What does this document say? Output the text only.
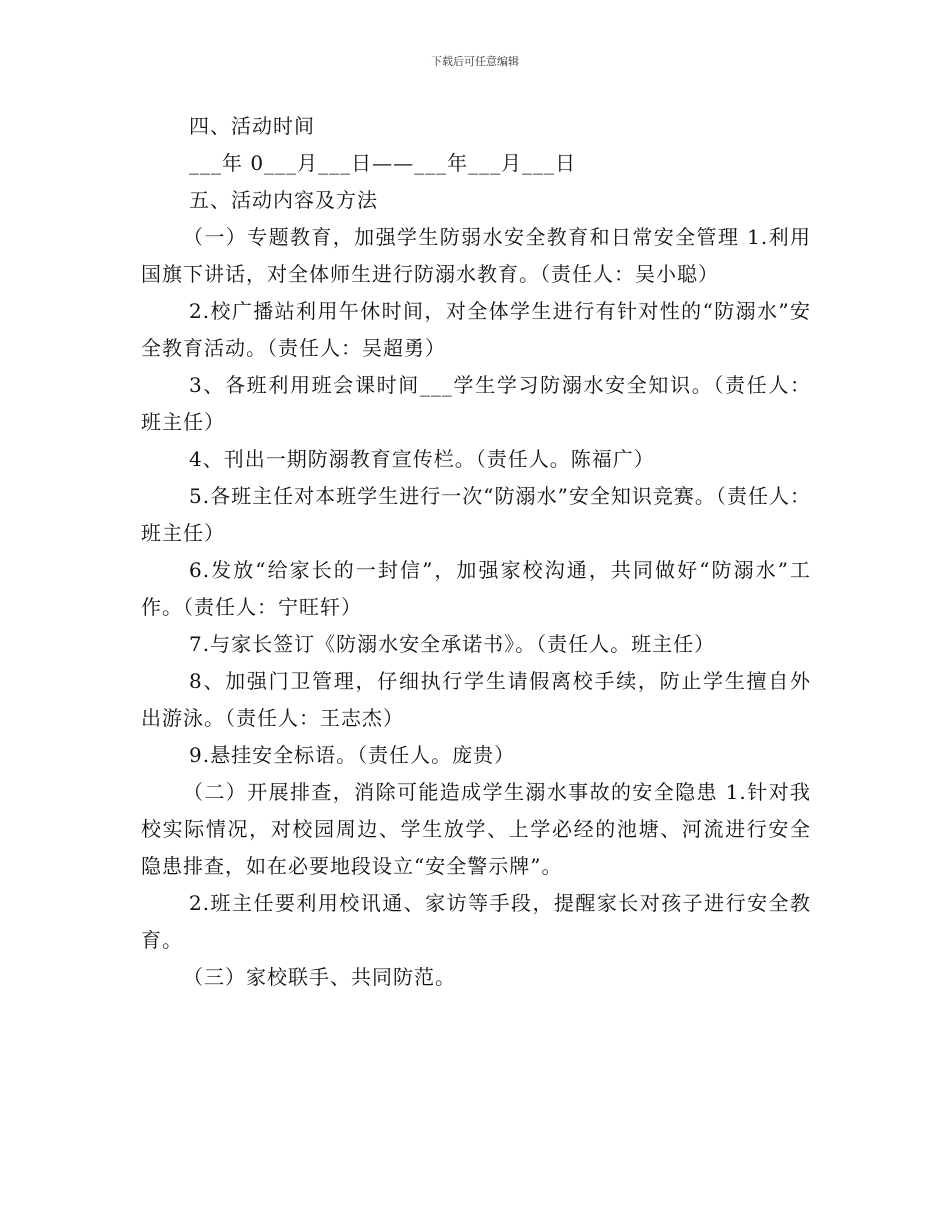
下载后可任意编辑

四、活动时间

___年 0___月___日——___年___月___日

五、活动内容及方法

（一）专题教育，加强学生防弱水安全教育和日常安全管理 1.利用国旗下讲话，对全体师生进行防溺水教育。（责任人：吴小聪）

2.校广播站利用午休时间，对全体学生进行有针对性的“防溺水”安全教育活动。（责任人：吴超勇）

3、各班利用班会课时间___学生学习防溺水安全知识。（责任人：班主任）

4、刊出一期防溺教育宣传栏。（责任人。陈福广）

5.各班主任对本班学生进行一次“防溺水”安全知识竞赛。（责任人：班主任）

6.发放“给家长的一封信”，加强家校沟通，共同做好“防溺水”工作。（责任人：宁旺轩）

7.与家长签订《防溺水安全承诺书》。（责任人。班主任）

8、加强门卫管理，仔细执行学生请假离校手续，防止学生擅自外出游泳。（责任人：王志杰）

9.悬挂安全标语。（责任人。庞贵）

（二）开展排查，消除可能造成学生溺水事故的安全隐患 1.针对我校实际情况，对校园周边、学生放学、上学必经的池塘、河流进行安全隐患排查，如在必要地段设立“安全警示牌”。

2.班主任要利用校讯通、家访等手段，提醒家长对孩子进行安全教育。

（三）家校联手、共同防范。
